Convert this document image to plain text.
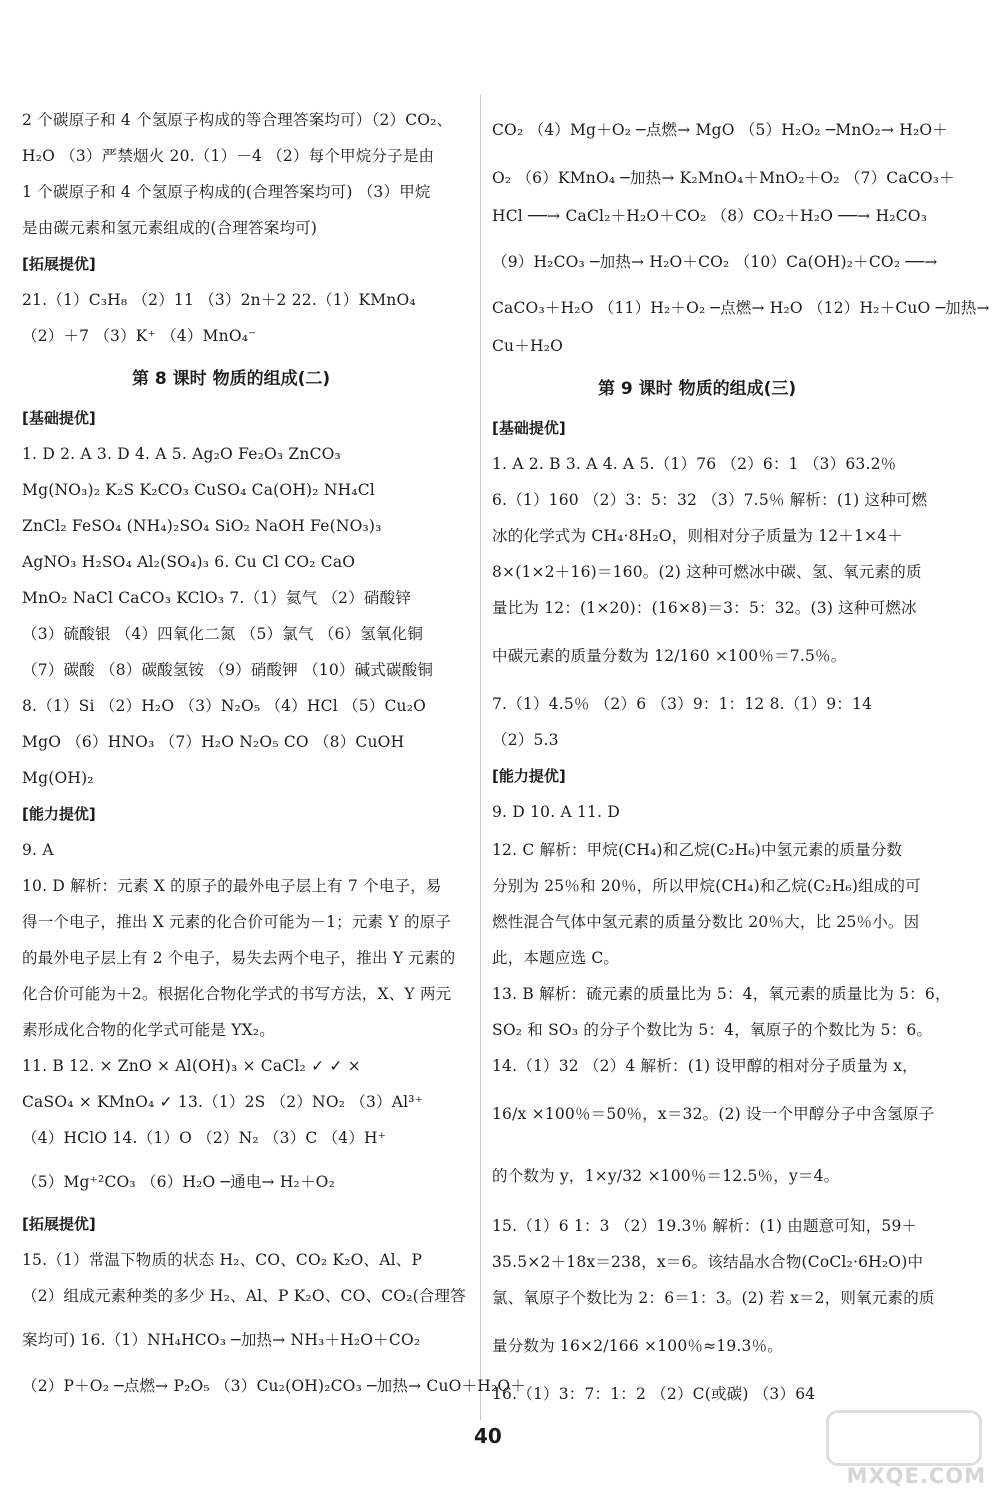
2 个碳原子和 4 个氢原子构成的等合理答案均可）（2）CO₂、
H₂O （3）严禁烟火 20.（1）－4 （2）每个甲烷分子是由
1 个碳原子和 4 个氢原子构成的(合理答案均可) （3）甲烷
是由碳元素和氢元素组成的(合理答案均可)
[拓展提优]
21.（1）C₃H₈ （2）11 （3）2n＋2 22.（1）KMnO₄
（2）＋7 （3）K⁺ （4）MnO₄⁻
第 8 课时 物质的组成(二)
[基础提优]
1. D 2. A 3. D 4. A 5. Ag₂O Fe₂O₃ ZnCO₃
Mg(NO₃)₂ K₂S K₂CO₃ CuSO₄ Ca(OH)₂ NH₄Cl
ZnCl₂ FeSO₄ (NH₄)₂SO₄ SiO₂ NaOH Fe(NO₃)₃
AgNO₃ H₂SO₄ Al₂(SO₄)₃ 6. Cu Cl CO₂ CaO
MnO₂ NaCl CaCO₃ KClO₃ 7.（1）氦气 （2）硝酸锌
（3）硫酸银 （4）四氧化二氮 （5）氯气 （6）氢氧化铜
（7）碳酸 （8）碳酸氢铵 （9）硝酸钾 （10）碱式碳酸铜
8.（1）Si （2）H₂O （3）N₂O₅ （4）HCl （5）Cu₂O
MgO （6）HNO₃ （7）H₂O N₂O₅ CO （8）CuOH
Mg(OH)₂
[能力提优]
9. A
10. D 解析：元素 X 的原子的最外电子层上有 7 个电子，易
得一个电子，推出 X 元素的化合价可能为－1；元素 Y 的原子
的最外电子层上有 2 个电子，易失去两个电子，推出 Y 元素的
化合价可能为＋2。根据化合物化学式的书写方法，X、Y 两元
素形成化合物的化学式可能是 YX₂。
11. B 12. × ZnO × Al(OH)₃ × CaCl₂ ✓ ✓ ×
CaSO₄ × KMnO₄ ✓ 13.（1）2S （2）NO₂ （3）Al³⁺
（4）HClO 14.（1）O （2）N₂ （3）C （4）H⁺
（5）Mg⁺²CO₃ （6）H₂O ─通电→ H₂＋O₂
[拓展提优]
15.（1）常温下物质的状态 H₂、CO、CO₂ K₂O、Al、P
（2）组成元素种类的多少 H₂、Al、P K₂O、CO、CO₂(合理答
案均可) 16.（1）NH₄HCO₃ ─加热→ NH₃＋H₂O＋CO₂
（2）P＋O₂ ─点燃→ P₂O₅ （3）Cu₂(OH)₂CO₃ ─加热→ CuO＋H₂O＋
CO₂ （4）Mg＋O₂ ─点燃→ MgO （5）H₂O₂ ─MnO₂→ H₂O＋
O₂ （6）KMnO₄ ─加热→ K₂MnO₄＋MnO₂＋O₂ （7）CaCO₃＋
HCl ──→ CaCl₂＋H₂O＋CO₂ （8）CO₂＋H₂O ──→ H₂CO₃
（9）H₂CO₃ ─加热→ H₂O＋CO₂ （10）Ca(OH)₂＋CO₂ ──→
CaCO₃＋H₂O （11）H₂＋O₂ ─点燃→ H₂O （12）H₂＋CuO ─加热→
Cu＋H₂O
第 9 课时 物质的组成(三)
[基础提优]
1. A 2. B 3. A 4. A 5.（1）76 （2）6：1 （3）63.2％
6.（1）160 （2）3：5：32 （3）7.5％ 解析：(1) 这种可燃
冰的化学式为 CH₄·8H₂O，则相对分子质量为 12＋1×4＋
8×(1×2＋16)＝160。(2) 这种可燃冰中碳、氢、氧元素的质
量比为 12：(1×20)：(16×8)＝3：5：32。(3) 这种可燃冰
中碳元素的质量分数为 12/160 ×100％＝7.5％。
7.（1）4.5％ （2）6 （3）9：1：12 8.（1）9：14
（2）5.3
[能力提优]
9. D 10. A 11. D
12. C 解析：甲烷(CH₄)和乙烷(C₂H₆)中氢元素的质量分数
分别为 25％和 20％，所以甲烷(CH₄)和乙烷(C₂H₆)组成的可
燃性混合气体中氢元素的质量分数比 20％大，比 25％小。因
此，本题应选 C。
13. B 解析：硫元素的质量比为 5：4，氧元素的质量比为 5：6，
SO₂ 和 SO₃ 的分子个数比为 5：4，氧原子的个数比为 5：6。
14.（1）32 （2）4 解析：(1) 设甲醇的相对分子质量为 x，
16/x ×100％＝50％，x＝32。(2) 设一个甲醇分子中含氢原子
的个数为 y，1×y/32 ×100％＝12.5％，y＝4。
15.（1）6 1：3 （2）19.3％ 解析：(1) 由题意可知，59＋
35.5×2＋18x＝238，x＝6。该结晶水合物(CoCl₂·6H₂O)中
氯、氧原子个数比为 2：6＝1：3。(2) 若 x＝2，则氧元素的质
量分数为 16×2/166 ×100％≈19.3％。
16.（1）3：7：1：2 （2）C(或碳) （3）64
40
MXQE.COM
